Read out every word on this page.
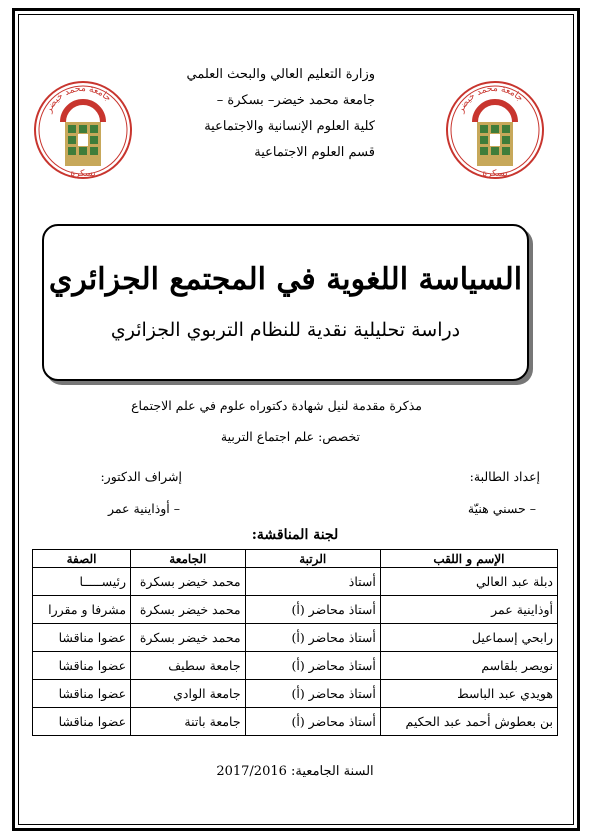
جامعة محمد خيضر
بسكرة
جامعة محمد خيضر
بسكرة
وزارة التعليم العالي والبحث العلمي
جامعة محمد خيضر– بسكرة –
كلية العلوم الإنسانية والاجتماعية
قسم العلوم الاجتماعية
السياسة اللغوية في المجتمع الجزائري
دراسة تحليلية نقدية للنظام التربوي الجزائري
مذكرة مقدمة لنيل شهادة دكتوراه علوم في علم الاجتماع
تخصص: علم اجتماع التربية
إعداد الطالبة:
– حسني هنيّة
إشراف الدكتور:
– أوذاينية عمر
لجنة المناقشة:
الإسم و اللقب	الرتبة	الجامعة	الصفة
دبلة عبد العالي	أستاذ	محمد خيضر بسكرة	رئيســـــا
أوذاينية عمر	أستاذ محاضر (أ)	محمد خيضر بسكرة	مشرفا و مقررا
رابحي إسماعيل	أستاذ محاضر (أ)	محمد خيضر بسكرة	عضوا مناقشا
نويصر بلقاسم	أستاذ محاضر (أ)	جامعة سطيف	عضوا مناقشا
هويدي عبد الباسط	أستاذ محاضر (أ)	جامعة الوادي	عضوا مناقشا
بن بعطوش أحمد عبد الحكيم	أستاذ محاضر (أ)	جامعة باتنة	عضوا مناقشا
السنة الجامعية: 2017/2016
